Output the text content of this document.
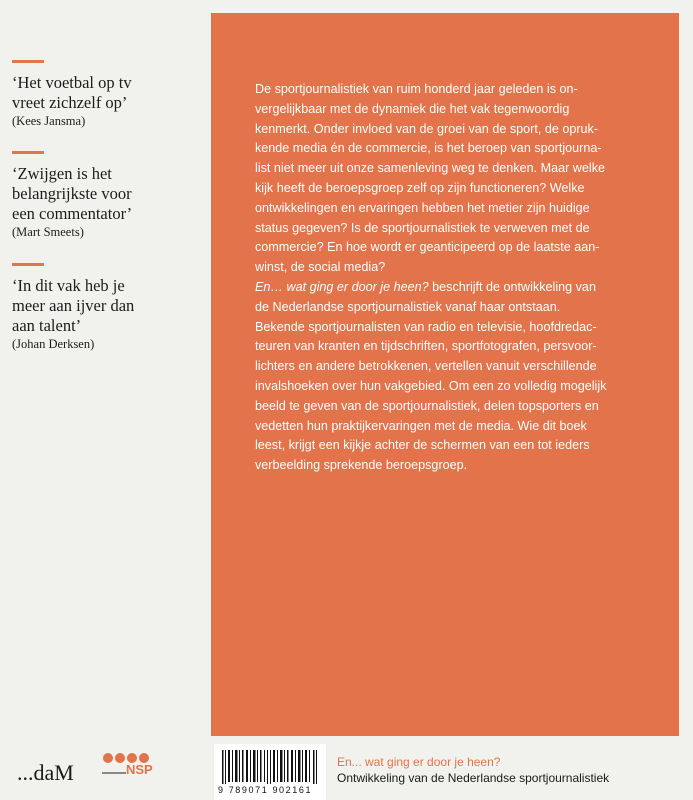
‘Het voetbal op tv
vreet zichzelf op’
(Kees Jansma)
‘Zwijgen is het
belangrijkste voor
een commentator’
(Mart Smeets)
‘In dit vak heb je
meer aan ijver dan
aan talent’
(Johan Derksen)

De sportjournalistiek van ruim honderd jaar geleden is on-

vergelijkbaar met de dynamiek die het vak tegenwoordig

kenmerkt. Onder invloed van de groei van de sport, de opruk-

kende media én de commercie, is het beroep van sportjourna-

list niet meer uit onze samenleving weg te denken. Maar welke

kijk heeft de beroepsgroep zelf op zijn functioneren? Welke

ontwikkelingen en ervaringen hebben het metier zijn huidige

status gegeven? Is de sportjournalistiek te verweven met de

commercie? En hoe wordt er geanticipeerd op de laatste aan-

winst, de social media?

En… wat ging er door je heen? beschrijft de ontwikkeling van

de Nederlandse sportjournalistiek vanaf haar ontstaan.

Bekende sportjournalisten van radio en televisie, hoofdredac-

teuren van kranten en tijdschriften, sportfotografen, persvoor-

lichters en andere betrokkenen, vertellen vanuit verschillende

invalshoeken over hun vakgebied. Om een zo volledig mogelijk

beeld te geven van de sportjournalistiek, delen topsporters en

vedetten hun praktijkervaringen met de media. Wie dit boek

leest, krijgt een kijkje achter de schermen van een tot ieders

verbeelding sprekende beroepsgroep.

...daM	NSP
9 789071 902161
En... wat ging er door je heen?
Ontwikkeling van de Nederlandse sportjournalistiek
